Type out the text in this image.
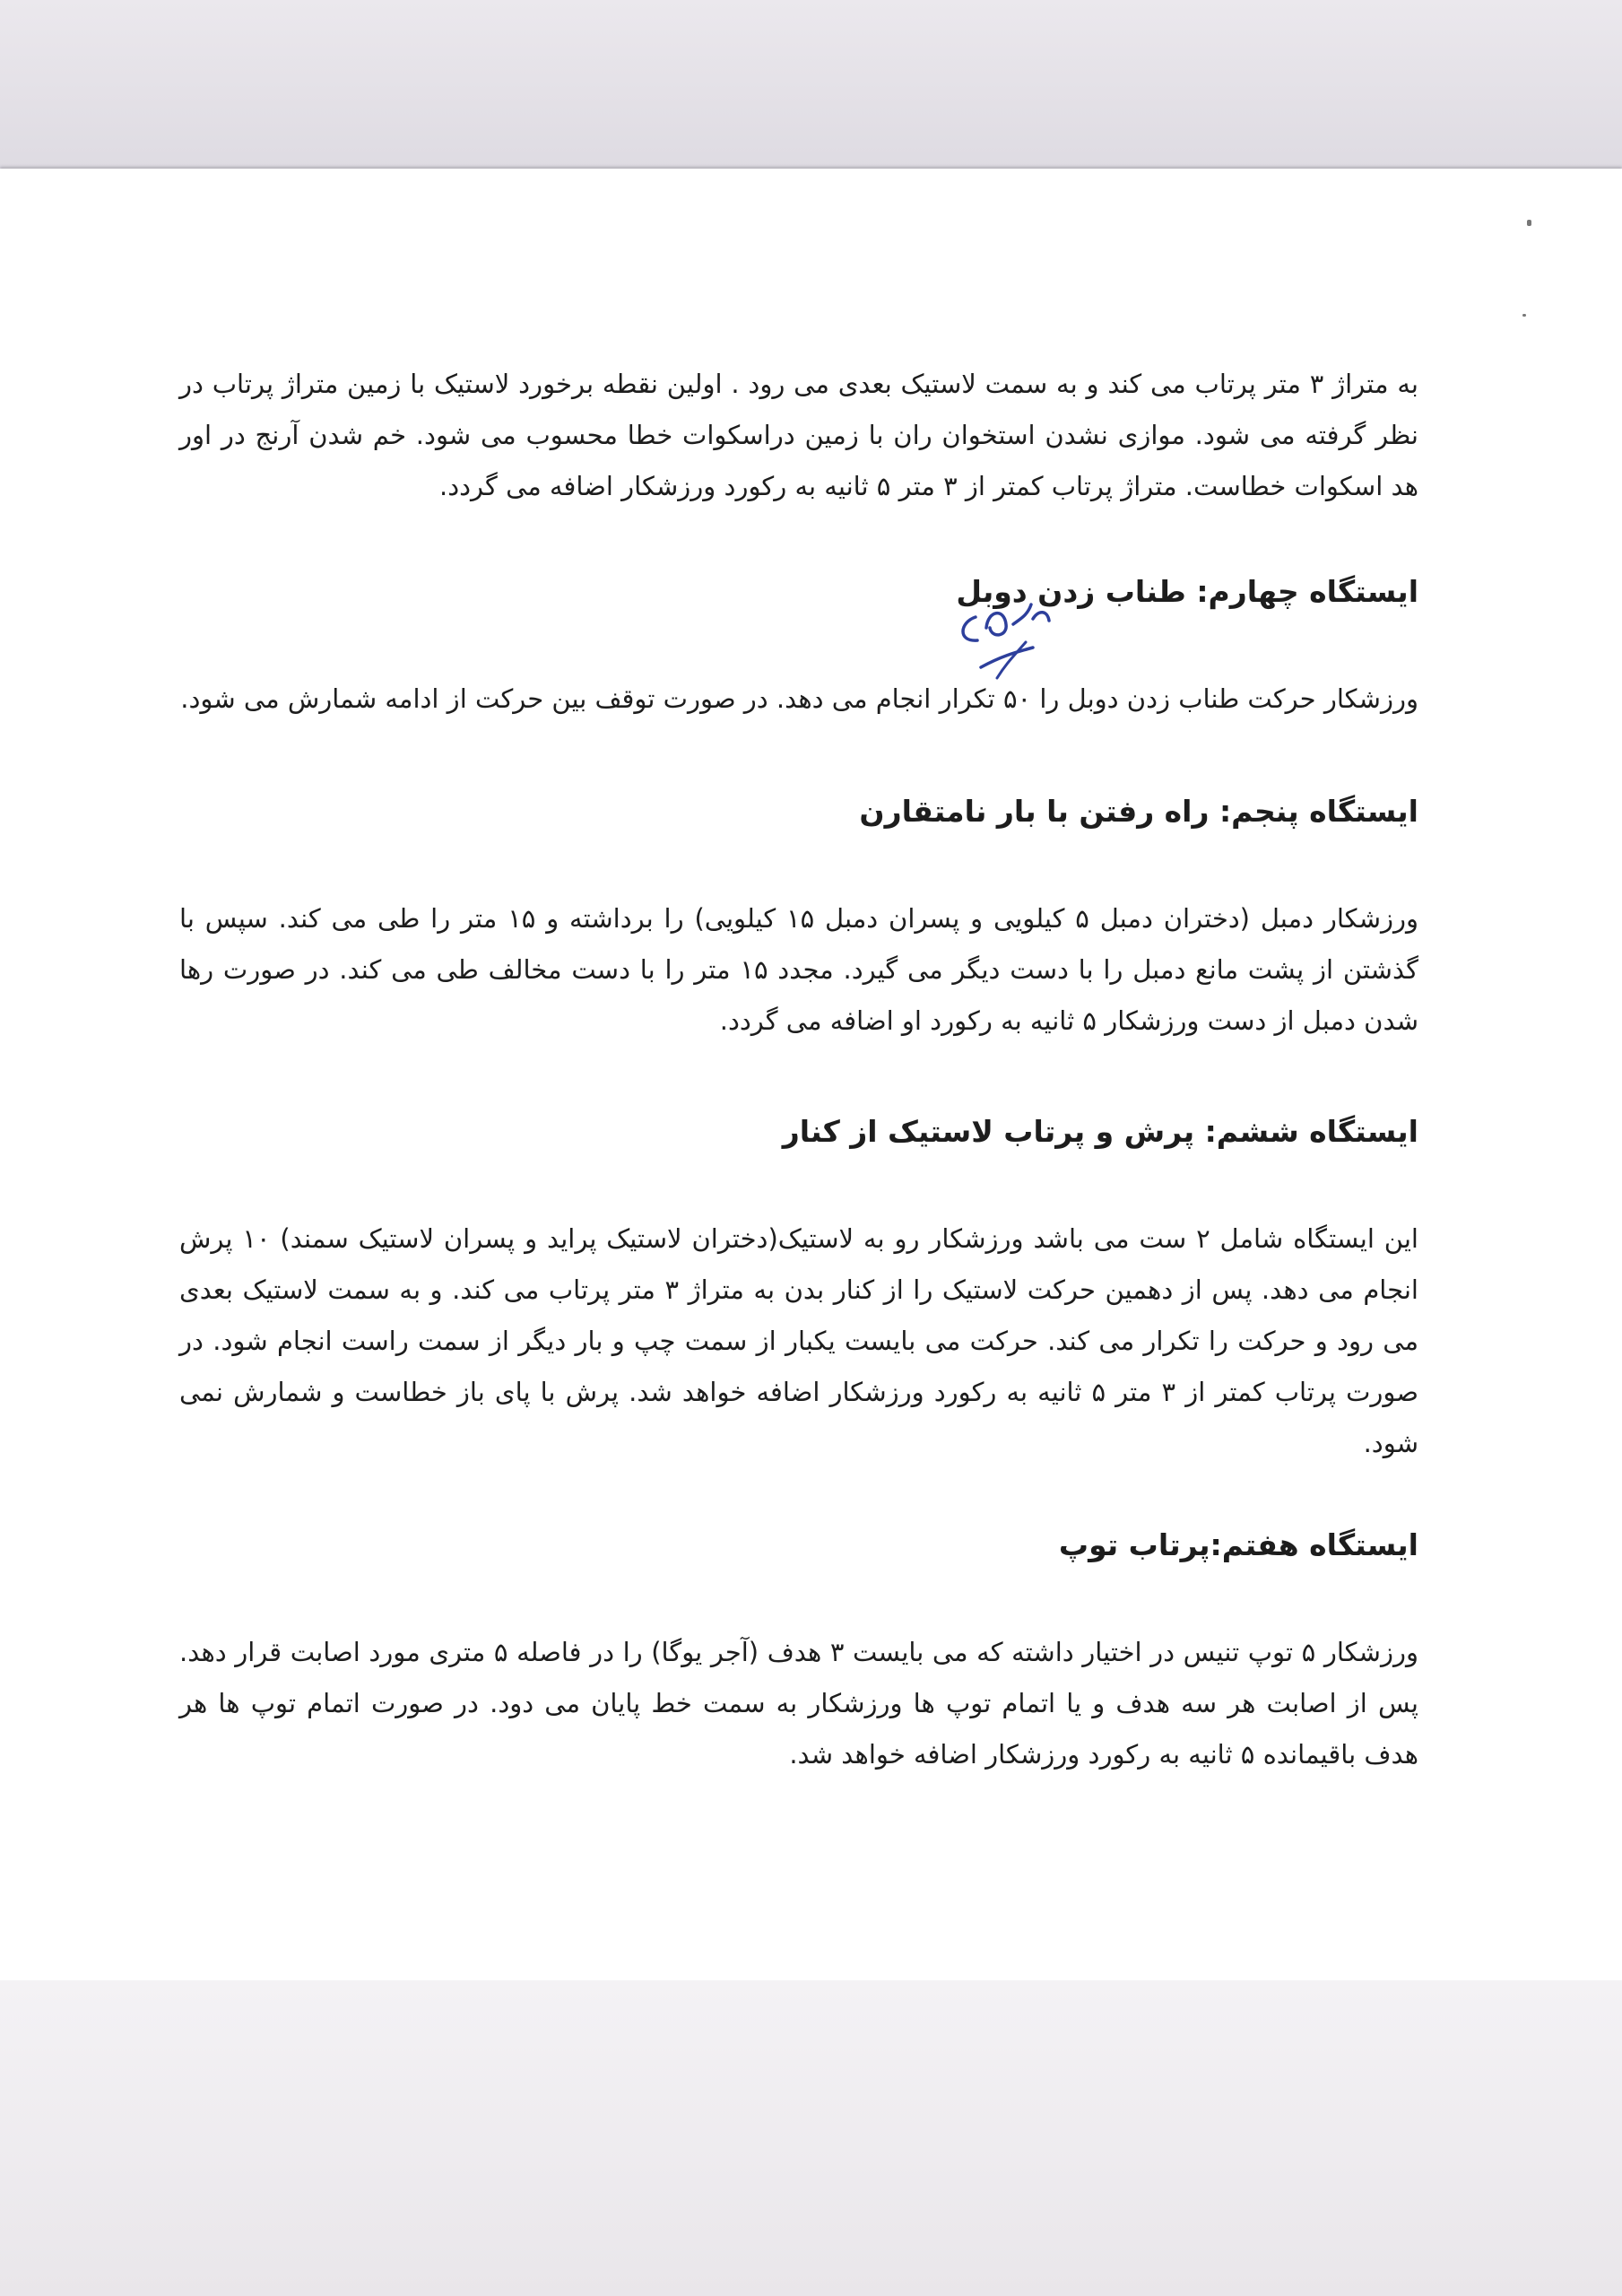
به متراژ ۳ متر پرتاب می کند و به سمت لاستیک بعدی می رود . اولین نقطه برخورد لاستیک با زمین متراژ پرتاب در نظر گرفته می شود. موازی نشدن استخوان ران با زمین دراسکوات خطا محسوب می شود. خم شدن آرنج در اور هد اسکوات خطاست. متراژ پرتاب کمتر از ۳ متر ۵ ثانیه به رکورد ورزشکار اضافه می گردد.

ایستگاه چهارم: طناب زدن دوبل

ورزشکار حرکت طناب زدن دوبل را ۵۰ تکرار انجام می دهد. در صورت توقف بین حرکت از ادامه شمارش می شود.

ایستگاه پنجم: راه رفتن با بار نامتقارن

ورزشکار دمبل (دختران دمبل ۵ کیلویی و پسران دمبل ۱۵ کیلویی) را برداشته و ۱۵ متر را طی می کند. سپس با گذشتن از پشت مانع دمبل را با دست دیگر می گیرد. مجدد ۱۵ متر را با دست مخالف طی می کند. در صورت رها شدن دمبل از دست ورزشکار ۵ ثانیه به رکورد او اضافه می گردد.

ایستگاه ششم: پرش و پرتاب لاستیک از کنار

این ایستگاه شامل ۲ ست می باشد ورزشکار رو به لاستیک(دختران لاستیک پراید و پسران لاستیک سمند) ۱۰ پرش انجام می دهد. پس از دهمین حرکت لاستیک را از کنار بدن به متراژ ۳ متر پرتاب می کند. و به سمت لاستیک بعدی می رود و حرکت را تکرار می کند. حرکت می بایست یکبار از سمت چپ و بار دیگر از سمت راست انجام شود. در صورت پرتاب کمتر از ۳ متر ۵ ثانیه به رکورد ورزشکار اضافه خواهد شد. پرش با پای باز خطاست و شمارش نمی شود.

ایستگاه هفتم:پرتاب توپ

ورزشکار ۵ توپ تنیس در اختیار داشته که می بایست ۳ هدف (آجر یوگا) را در فاصله ۵ متری مورد اصابت قرار دهد. پس از اصابت هر سه هدف و یا اتمام توپ ها ورزشکار به سمت خط پایان می دود. در صورت اتمام توپ ها هر هدف باقیمانده ۵ ثانیه به رکورد ورزشکار اضافه خواهد شد.
